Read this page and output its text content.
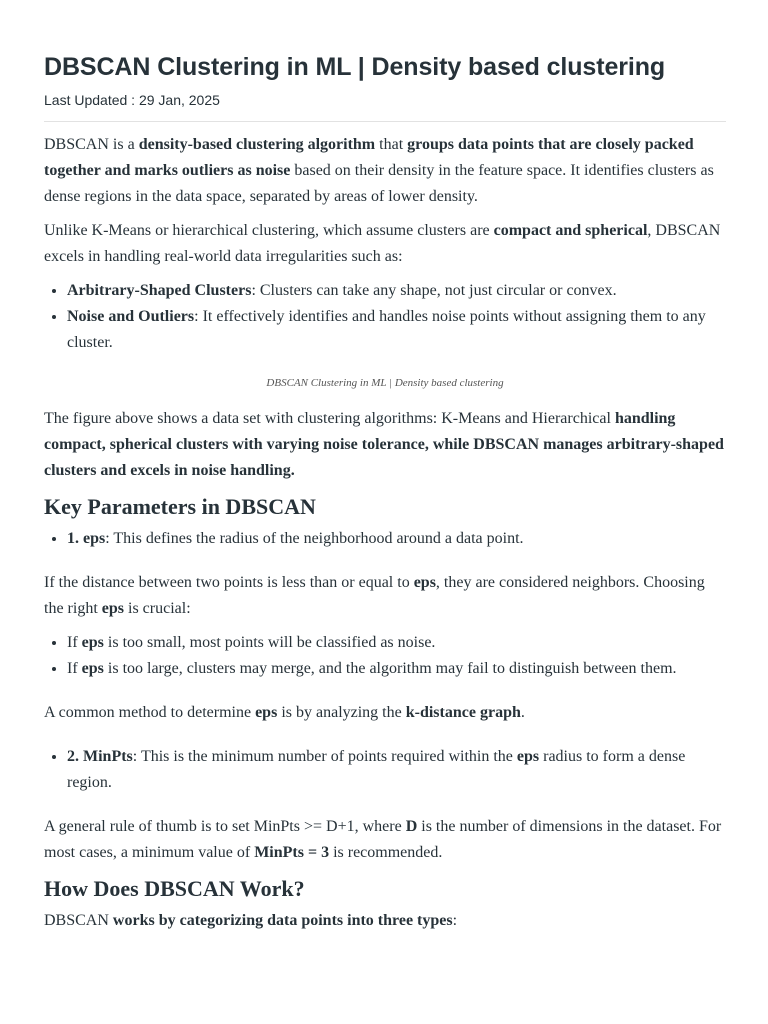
DBSCAN Clustering in ML | Density based clustering
Last Updated : 29 Jan, 2025

DBSCAN is a density-based clustering algorithm that groups data points that are closely packed together and marks outliers as noise based on their density in the feature space. It identifies clusters as dense regions in the data space, separated by areas of lower density.

Unlike K-Means or hierarchical clustering, which assume clusters are compact and spherical, DBSCAN excels in handling real-world data irregularities such as:

• Arbitrary-Shaped Clusters: Clusters can take any shape, not just circular or convex.
• Noise and Outliers: It effectively identifies and handles noise points without assigning them to any cluster.
DBSCAN Clustering in ML | Density based clustering

The figure above shows a data set with clustering algorithms: K-Means and Hierarchical handling compact, spherical clusters with varying noise tolerance, while DBSCAN manages arbitrary-shaped clusters and excels in noise handling.

Key Parameters in DBSCAN
• 1. eps: This defines the radius of the neighborhood around a data point.

If the distance between two points is less than or equal to eps, they are considered neighbors. Choosing the right eps is crucial:

• If eps is too small, most points will be classified as noise.
• If eps is too large, clusters may merge, and the algorithm may fail to distinguish between them.

A common method to determine eps is by analyzing the k-distance graph.

• 2. MinPts: This is the minimum number of points required within the eps radius to form a dense region.

A general rule of thumb is to set MinPts >= D+1, where D is the number of dimensions in the dataset. For most cases, a minimum value of MinPts = 3 is recommended.

How Does DBSCAN Work?

DBSCAN works by categorizing data points into three types:
